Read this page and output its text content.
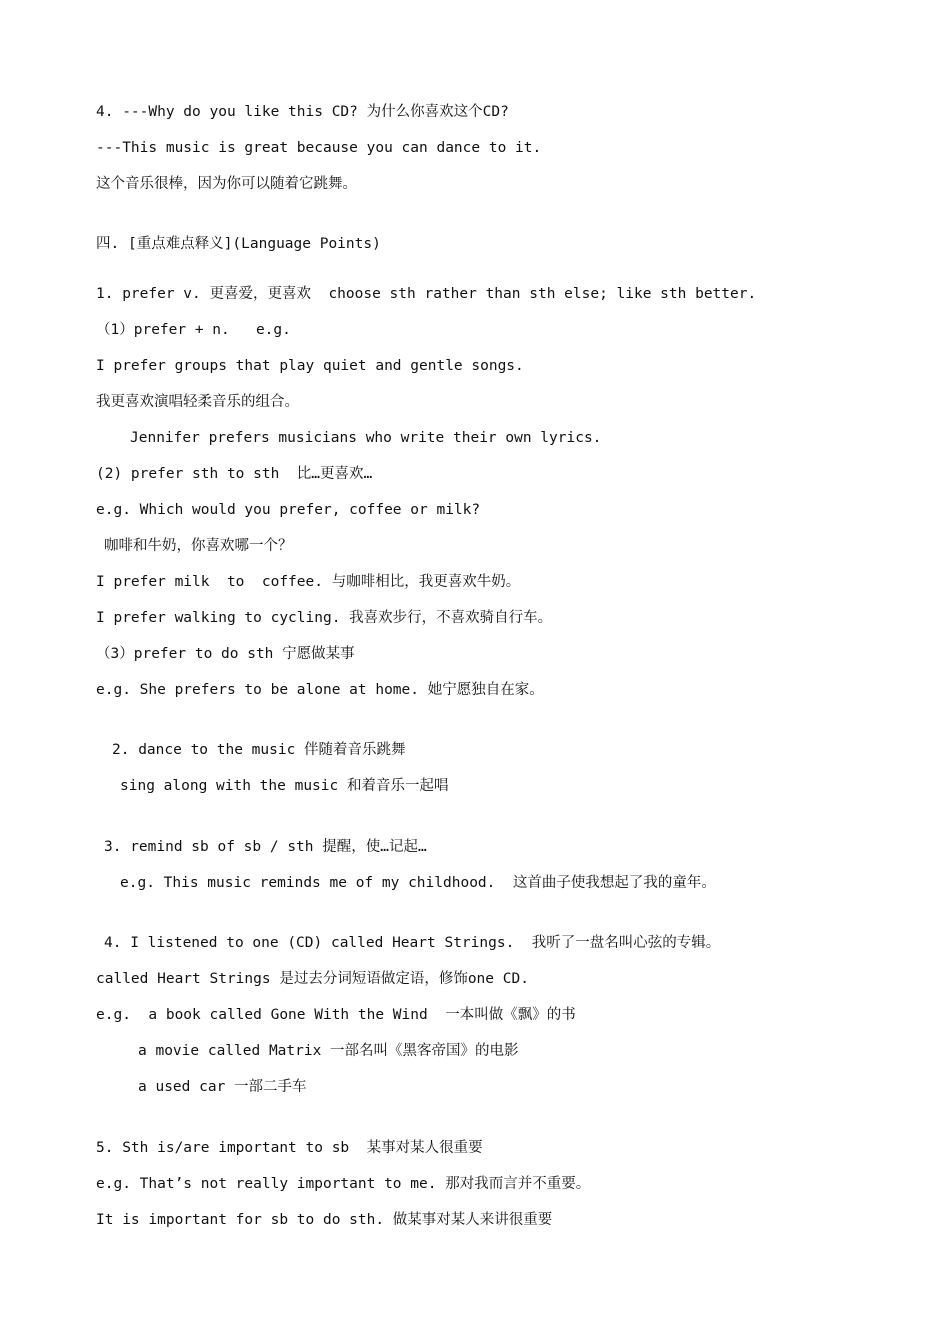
4. ---Why do you like this CD? 为什么你喜欢这个CD?
---This music is great because you can dance to it.
这个音乐很棒，因为你可以随着它跳舞。
四. [重点难点释义](Language Points)
1. prefer v. 更喜爱，更喜欢  choose sth rather than sth else; like sth better.
（1）prefer + n.   e.g.
I prefer groups that play quiet and gentle songs.
我更喜欢演唱轻柔音乐的组合。
Jennifer prefers musicians who write their own lyrics.
(2) prefer sth to sth  比…更喜欢…
e.g. Which would you prefer, coffee or milk?
咖啡和牛奶，你喜欢哪一个？
I prefer milk  to  coffee. 与咖啡相比，我更喜欢牛奶。
I prefer walking to cycling. 我喜欢步行，不喜欢骑自行车。
（3）prefer to do sth 宁愿做某事
e.g. She prefers to be alone at home. 她宁愿独自在家。
2. dance to the music 伴随着音乐跳舞
sing along with the music 和着音乐一起唱
3. remind sb of sb / sth 提醒，使…记起…
e.g. This music reminds me of my childhood.  这首曲子使我想起了我的童年。
4. I listened to one (CD) called Heart Strings.  我听了一盘名叫心弦的专辑。
called Heart Strings 是过去分词短语做定语，修饰one CD.
e.g.  a book called Gone With the Wind  一本叫做《飘》的书
a movie called Matrix 一部名叫《黑客帝国》的电影
a used car 一部二手车
5. Sth is/are important to sb  某事对某人很重要
e.g. That’s not really important to me. 那对我而言并不重要。
It is important for sb to do sth. 做某事对某人来讲很重要
